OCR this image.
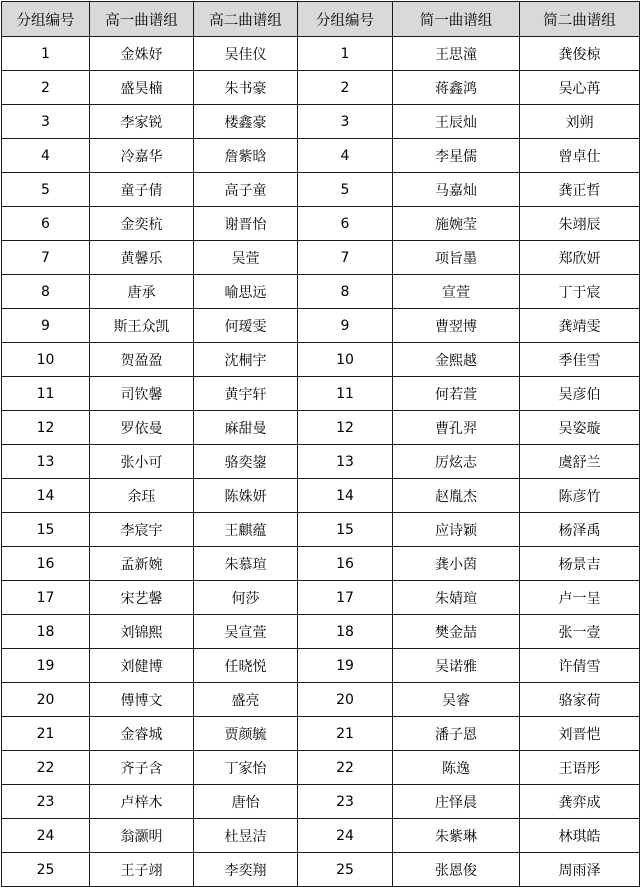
分组编号	高一曲谱组	高二曲谱组	分组编号	简一曲谱组	简二曲谱组
1	金姝妤	吴佳仪	1	王思潼	龚俊椋
2	盛昊楠	朱书豪	2	蒋鑫鸿	吴心苒
3	李家锐	楼鑫豪	3	王辰灿	刘朔
4	冷嘉华	詹紫晗	4	李星儒	曾卓仕
5	童子倩	高子童	5	马嘉灿	龚正哲
6	金奕杭	谢晋怡	6	施婉莹	朱翊辰
7	黄馨乐	吴萱	7	项旨墨	郑欣妍
8	唐承	喻思远	8	宣萱	丁于宸
9	斯王众凯	何瑷雯	9	曹翌博	龚靖雯
10	贺盈盈	沈桐宇	10	金熙越	季佳雪
11	司钦馨	黄宇轩	11	何若萱	吴彦伯
12	罗依曼	麻甜曼	12	曹孔羿	吴姿璇
13	张小可	骆奕鋆	13	厉炫志	虞舒兰
14	余珏	陈姝妍	14	赵胤杰	陈彦竹
15	李宸宇	王麒蕴	15	应诗颖	杨泽禹
16	孟新婉	朱慕瑄	16	龚小茵	杨景吉
17	宋艺馨	何莎	17	朱婧瑄	卢一呈
18	刘锦熙	吴宣萱	18	樊金喆	张一壹
19	刘健博	任晓悦	19	吴诺雅	许倩雪
20	傅博文	盛亮	20	吴睿	骆家荷
21	金睿城	贾颜毓	21	潘子恩	刘晋恺
22	齐子含	丁家怡	22	陈逸	王语彤
23	卢梓木	唐怡	23	庄怿晨	龚弈成
24	翁灏明	杜昱洁	24	朱紫琳	林琪皓
25	王子翊	李奕翔	25	张恩俊	周雨泽
